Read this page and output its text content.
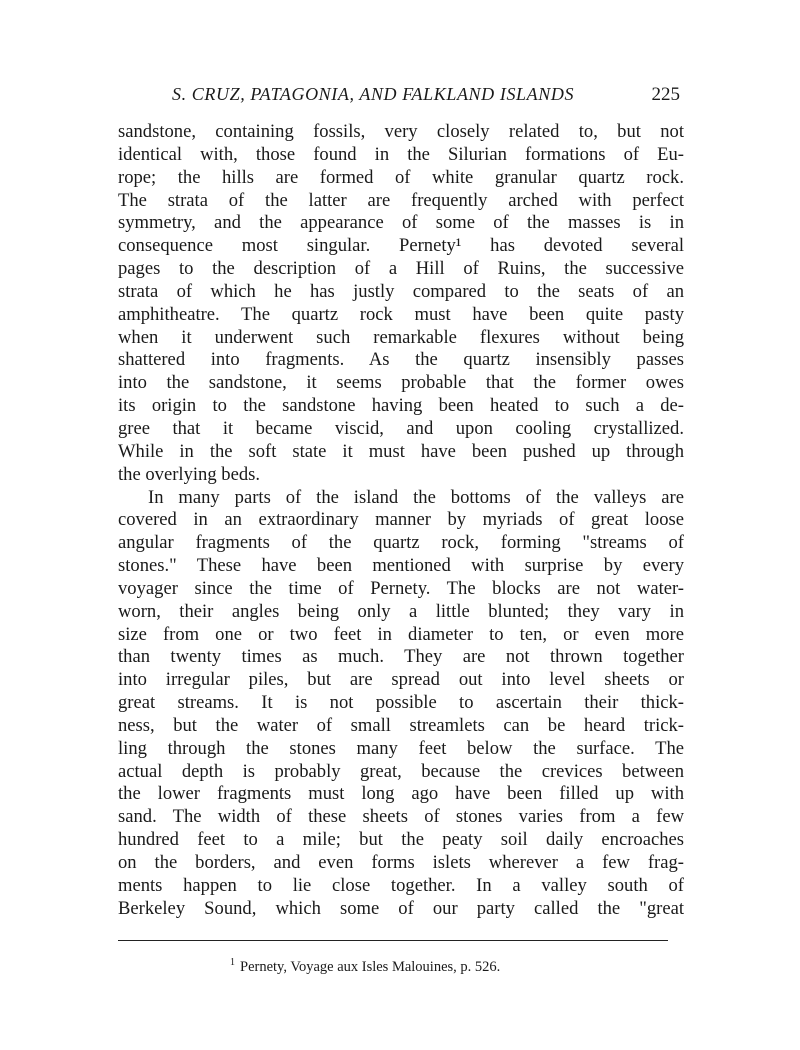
S. CRUZ, PATAGONIA, AND FALKLAND ISLANDS	225
sandstone, containing fossils, very closely related to, but not
identical with, those found in the Silurian formations of Eu-
rope; the hills are formed of white granular quartz rock.
The strata of the latter are frequently arched with perfect
symmetry, and the appearance of some of the masses is in
consequence most singular. Pernety¹ has devoted several
pages to the description of a Hill of Ruins, the successive
strata of which he has justly compared to the seats of an
amphitheatre. The quartz rock must have been quite pasty
when it underwent such remarkable flexures without being
shattered into fragments. As the quartz insensibly passes
into the sandstone, it seems probable that the former owes
its origin to the sandstone having been heated to such a de-
gree that it became viscid, and upon cooling crystallized.
While in the soft state it must have been pushed up through
the overlying beds.
In many parts of the island the bottoms of the valleys are
covered in an extraordinary manner by myriads of great loose
angular fragments of the quartz rock, forming "streams of
stones." These have been mentioned with surprise by every
voyager since the time of Pernety. The blocks are not water-
worn, their angles being only a little blunted; they vary in
size from one or two feet in diameter to ten, or even more
than twenty times as much. They are not thrown together
into irregular piles, but are spread out into level sheets or
great streams. It is not possible to ascertain their thick-
ness, but the water of small streamlets can be heard trick-
ling through the stones many feet below the surface. The
actual depth is probably great, because the crevices between
the lower fragments must long ago have been filled up with
sand. The width of these sheets of stones varies from a few
hundred feet to a mile; but the peaty soil daily encroaches
on the borders, and even forms islets wherever a few frag-
ments happen to lie close together. In a valley south of
Berkeley Sound, which some of our party called the "great
$^1$ Pernety, Voyage aux Isles Malouines, p. 526.
